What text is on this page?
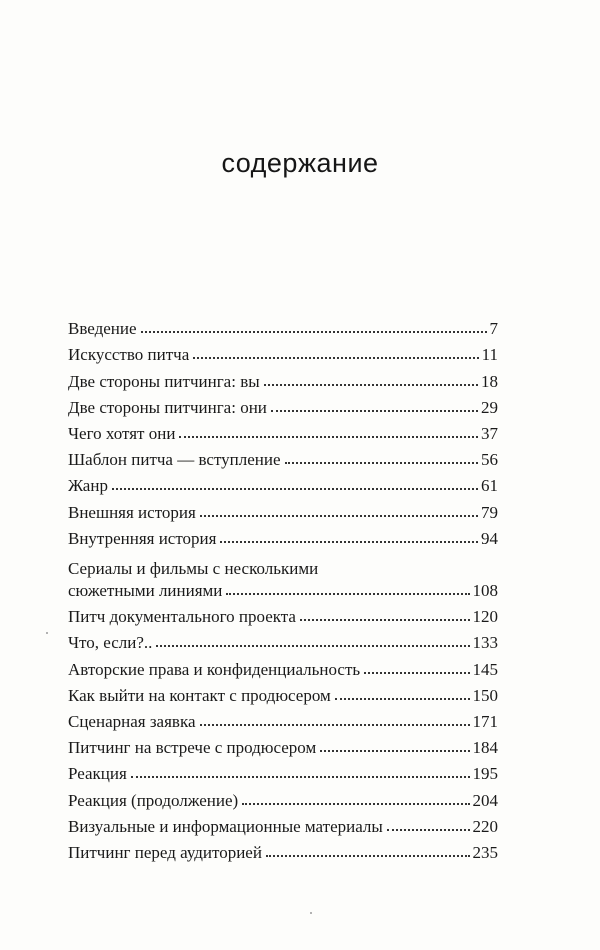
содержание
Введение	7
Искусство питча	11
Две стороны питчинга: вы	18
Две стороны питчинга: они	29
Чего хотят они	37
Шаблон питча — вступление	56
Жанр	61
Внешняя история	79
Внутренняя история	94
Сериалы и фильмы с несколькими
сюжетными линиями	108
Питч документального проекта	120
Что, если?..	133
Авторские права и конфиденциальность	145
Как выйти на контакт с продюсером	150
Сценарная заявка	171
Питчинг на встрече с продюсером	184
Реакция	195
Реакция (продолжение)	204
Визуальные и информационные материалы	220
Питчинг перед аудиторией	235
